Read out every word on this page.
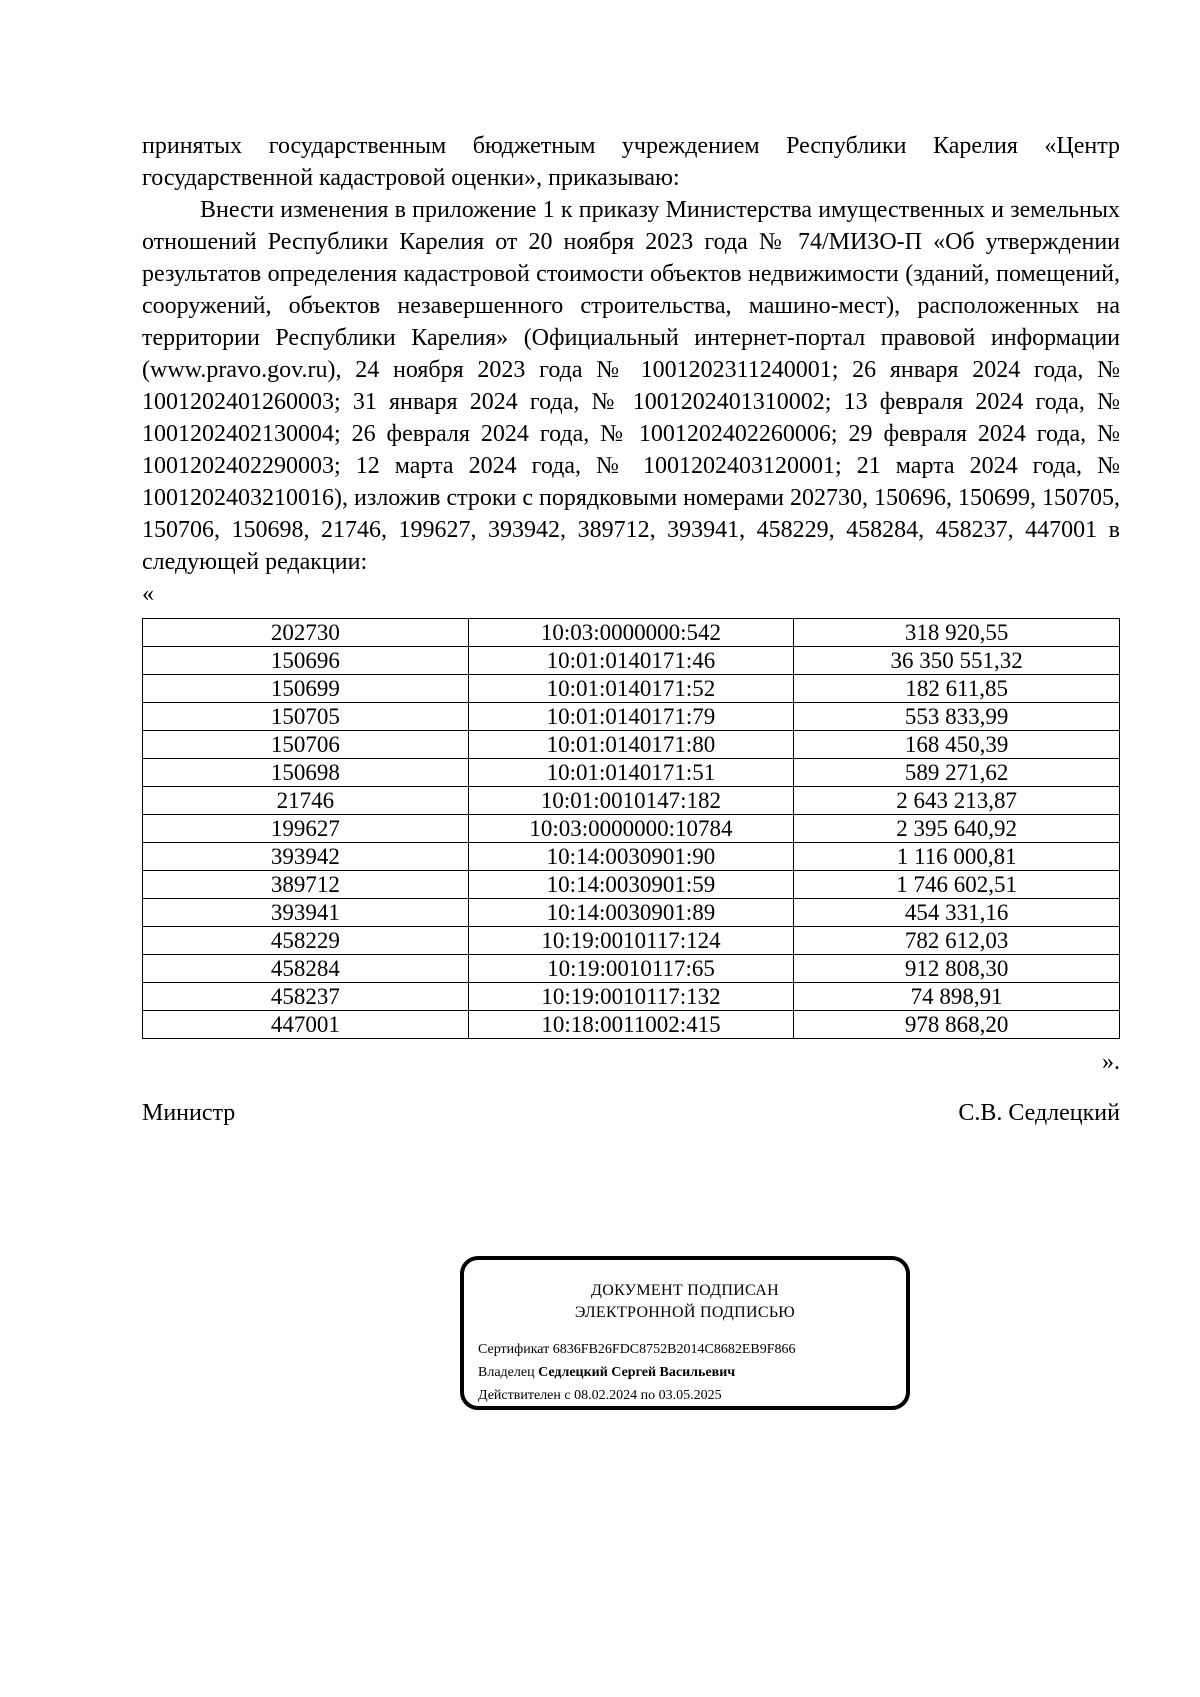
принятых государственным бюджетным учреждением Республики Карелия «Центр государственной кадастровой оценки», приказываю:

Внести изменения в приложение 1 к приказу Министерства имущественных и земельных отношений Республики Карелия от 20 ноября 2023 года № 74/МИЗО-П «Об утверждении результатов определения кадастровой стоимости объектов недвижимости (зданий, помещений, сооружений, объектов незавершенного строительства, машино-мест), расположенных на территории Республики Карелия» (Официальный интернет-портал правовой информации (www.pravo.gov.ru), 24 ноября 2023 года № 1001202311240001; 26 января 2024 года, № 1001202401260003; 31 января 2024 года, № 1001202401310002; 13 февраля 2024 года, № 1001202402130004; 26 февраля 2024 года, № 1001202402260006; 29 февраля 2024 года, № 1001202402290003; 12 марта 2024 года, № 1001202403120001; 21 марта 2024 года, № 1001202403210016), изложив строки с порядковыми номерами 202730, 150696, 150699, 150705, 150706, 150698, 21746, 199627, 393942, 389712, 393941, 458229, 458284, 458237, 447001 в следующей редакции:

«
202730	10:03:0000000:542	318 920,55
150696	10:01:0140171:46	36 350 551,32
150699	10:01:0140171:52	182 611,85
150705	10:01:0140171:79	553 833,99
150706	10:01:0140171:80	168 450,39
150698	10:01:0140171:51	589 271,62
21746	10:01:0010147:182	2 643 213,87
199627	10:03:0000000:10784	2 395 640,92
393942	10:14:0030901:90	1 116 000,81
389712	10:14:0030901:59	1 746 602,51
393941	10:14:0030901:89	454 331,16
458229	10:19:0010117:124	782 612,03
458284	10:19:0010117:65	912 808,30
458237	10:19:0010117:132	74 898,91
447001	10:18:0011002:415	978 868,20
».
Министр	С.В. Седлецкий
ДОКУМЕНТ ПОДПИСАН
ЭЛЕКТРОННОЙ ПОДПИСЬЮ
Сертификат 6836FB26FDC8752B2014C8682EB9F866
Владелец Седлецкий Сергей Васильевич
Действителен с 08.02.2024 по 03.05.2025
